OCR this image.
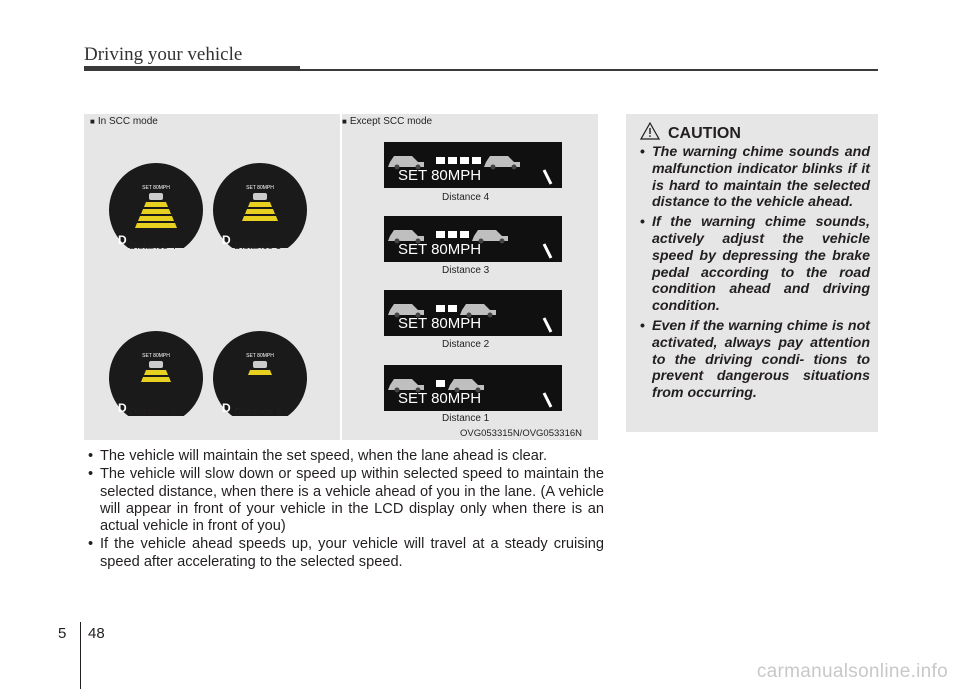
Driving your vehicle
■ In SCC mode
SET 80MPH
D Distance 4
SET 80MPH
D Distance 3
SET 80MPH
D Distance 2
SET 80MPH
D Distance 1
■ Except SCC mode
SET 80MPH
Distance 4
SET 80MPH
Distance 3
SET 80MPH
Distance 2
SET 80MPH
Distance 1
OVG053315N/OVG053316N
CAUTION
• The warning chime sounds and malfunction indicator blinks if it is hard to maintain the selected distance to the vehicle ahead.
• If the warning chime sounds, actively adjust the vehicle speed by depressing the brake pedal according to the road condition ahead and driving condition.
• Even if the warning chime is not activated, always pay attention to the driving condi- tions to prevent dangerous situations from occurring.
• The vehicle will maintain the set speed, when the lane ahead is clear.
• The vehicle will slow down or speed up within selected speed to maintain the selected distance, when there is a vehicle ahead of you in the lane. (A vehicle will appear in front of your vehicle in the LCD display only when there is an actual vehicle in front of you)
• If the vehicle ahead speeds up, your vehicle will travel at a steady cruising speed after accelerating to the selected speed.
5 48
carmanualsonline.info
